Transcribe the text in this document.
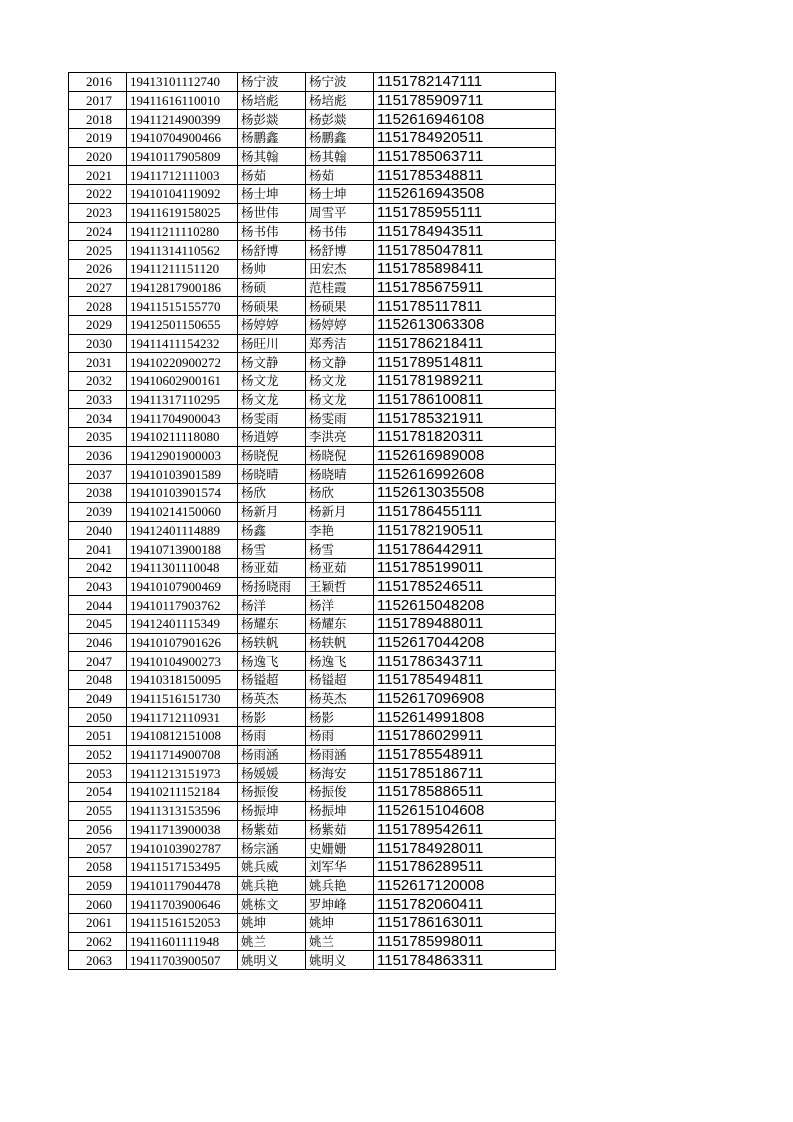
2016	19413101112740	杨宁波	杨宁波	1151782147111
2017	19411616110010	杨培彪	杨培彪	1151785909711
2018	19411214900399	杨彭燚	杨彭燚	1152616946108
2019	19410704900466	杨鹏鑫	杨鹏鑫	1151784920511
2020	19410117905809	杨其翰	杨其翰	1151785063711
2021	19411712111003	杨茹	杨茹	1151785348811
2022	19410104119092	杨士坤	杨士坤	1152616943508
2023	19411619158025	杨世伟	周雪平	1151785955111
2024	19411211110280	杨书伟	杨书伟	1151784943511
2025	19411314110562	杨舒博	杨舒博	1151785047811
2026	19411211151120	杨帅	田宏杰	1151785898411
2027	19412817900186	杨硕	范桂霞	1151785675911
2028	19411515155770	杨硕果	杨硕果	1151785117811
2029	19412501150655	杨婷婷	杨婷婷	1152613063308
2030	19411411154232	杨旺川	郑秀洁	1151786218411
2031	19410220900272	杨文静	杨文静	1151789514811
2032	19410602900161	杨文龙	杨文龙	1151781989211
2033	19411317110295	杨文龙	杨文龙	1151786100811
2034	19411704900043	杨雯雨	杨雯雨	1151785321911
2035	19410211118080	杨逍婷	李洪亮	1151781820311
2036	19412901900003	杨晓倪	杨晓倪	1152616989008
2037	19410103901589	杨晓晴	杨晓晴	1152616992608
2038	19410103901574	杨欣	杨欣	1152613035508
2039	19410214150060	杨新月	杨新月	1151786455111
2040	19412401114889	杨鑫	李艳	1151782190511
2041	19410713900188	杨雪	杨雪	1151786442911
2042	19411301110048	杨亚茹	杨亚茹	1151785199011
2043	19410107900469	杨扬晓雨	王颖哲	1151785246511
2044	19410117903762	杨洋	杨洋	1152615048208
2045	19412401115349	杨耀东	杨耀东	1151789488011
2046	19410107901626	杨轶帆	杨轶帆	1152617044208
2047	19410104900273	杨逸飞	杨逸飞	1151786343711
2048	19410318150095	杨镒超	杨镒超	1151785494811
2049	19411516151730	杨英杰	杨英杰	1152617096908
2050	19411712110931	杨影	杨影	1152614991808
2051	19410812151008	杨雨	杨雨	1151786029911
2052	19411714900708	杨雨涵	杨雨涵	1151785548911
2053	19411213151973	杨媛媛	杨海安	1151785186711
2054	19410211152184	杨振俊	杨振俊	1151785886511
2055	19411313153596	杨振坤	杨振坤	1152615104608
2056	19411713900038	杨紫茹	杨紫茹	1151789542611
2057	19410103902787	杨宗涵	史姗姗	1151784928011
2058	19411517153495	姚兵威	刘军华	1151786289511
2059	19410117904478	姚兵艳	姚兵艳	1152617120008
2060	19411703900646	姚栋文	罗坤峰	1151782060411
2061	19411516152053	姚坤	姚坤	1151786163011
2062	19411601111948	姚兰	姚兰	1151785998011
2063	19411703900507	姚明义	姚明义	1151784863311
